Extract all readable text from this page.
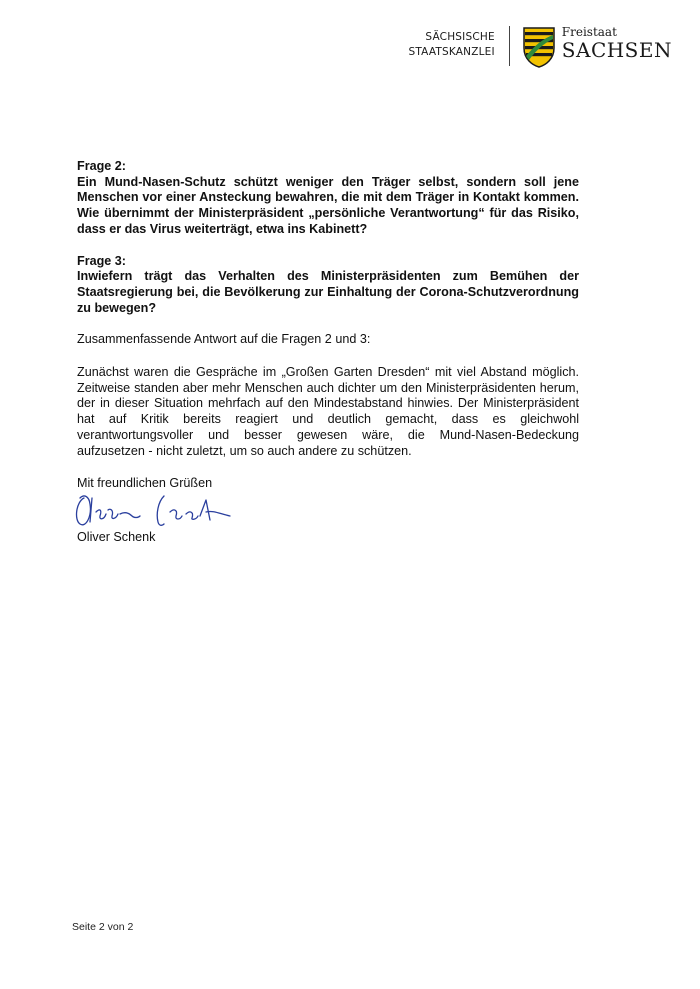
SÄCHSISCHE
STAATSKANZLEI
Freistaat
SACHSEN
Frage 2:
Ein Mund-Nasen-Schutz schützt weniger den Träger selbst, sondern soll jene Menschen vor einer Ansteckung bewahren, die mit dem Träger in Kontakt kommen. Wie übernimmt der Ministerpräsident „persönliche Verantwortung“ für das Risiko, dass er das Virus weiterträgt, etwa ins Kabinett?
Frage 3:
Inwiefern trägt das Verhalten des Ministerpräsidenten zum Bemühen der Staatsregierung bei, die Bevölkerung zur Einhaltung der Corona-Schutzverordnung zu bewegen?
Zusammenfassende Antwort auf die Fragen 2 und 3:
Zunächst waren die Gespräche im „Großen Garten Dresden“ mit viel Abstand möglich. Zeitweise standen aber mehr Menschen auch dichter um den Ministerpräsidenten herum, der in dieser Situation mehrfach auf den Mindestabstand hinwies. Der Ministerpräsident hat auf Kritik bereits reagiert und deutlich gemacht, dass es gleichwohl verantwortungsvoller und besser gewesen wäre, die Mund-Nasen-Bedeckung aufzusetzen - nicht zuletzt, um so auch andere zu schützen.
Mit freundlichen Grüßen
Oliver Schenk
Seite 2 von 2
